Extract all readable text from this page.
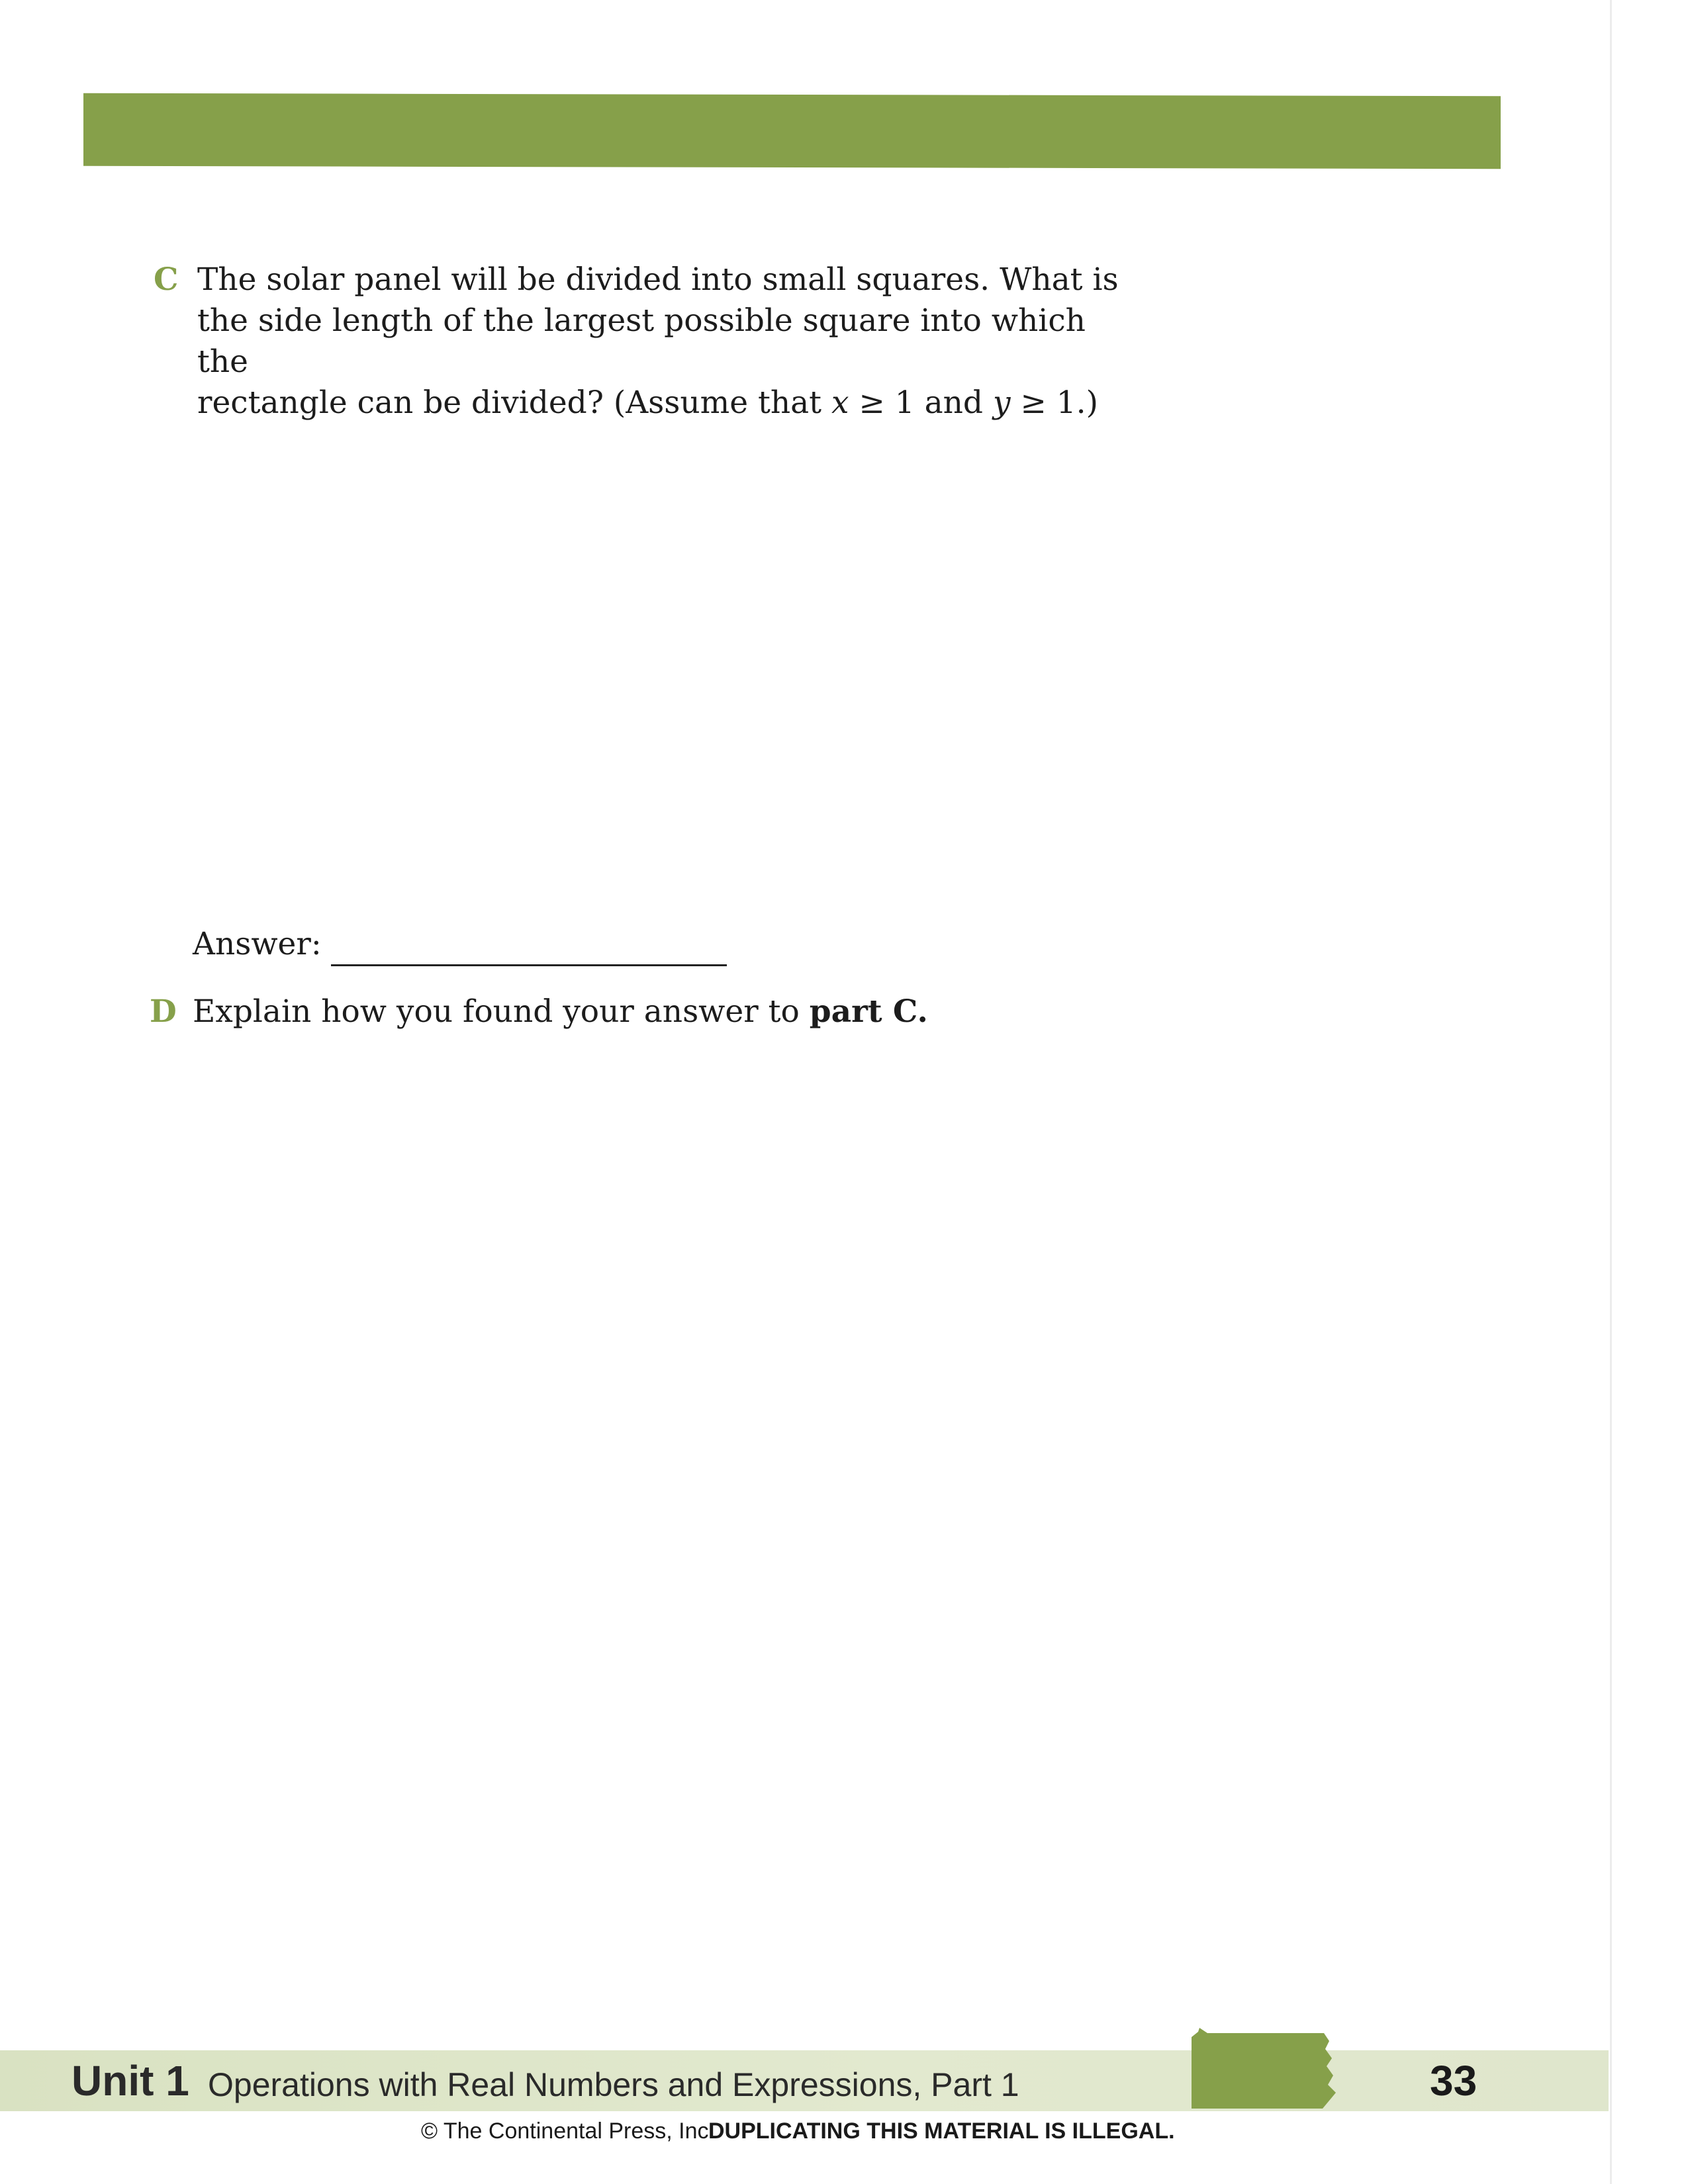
C The solar panel will be divided into small squares. What is
the side length of the largest possible square into which the
rectangle can be divided? (Assume that x ≥ 1 and y ≥ 1.)
Answer:
D Explain how you found your answer to part C.
Unit 1 Operations with Real Numbers and Expressions, Part 1	33
© The Continental Press, Inc.
DUPLICATING THIS MATERIAL IS ILLEGAL.
